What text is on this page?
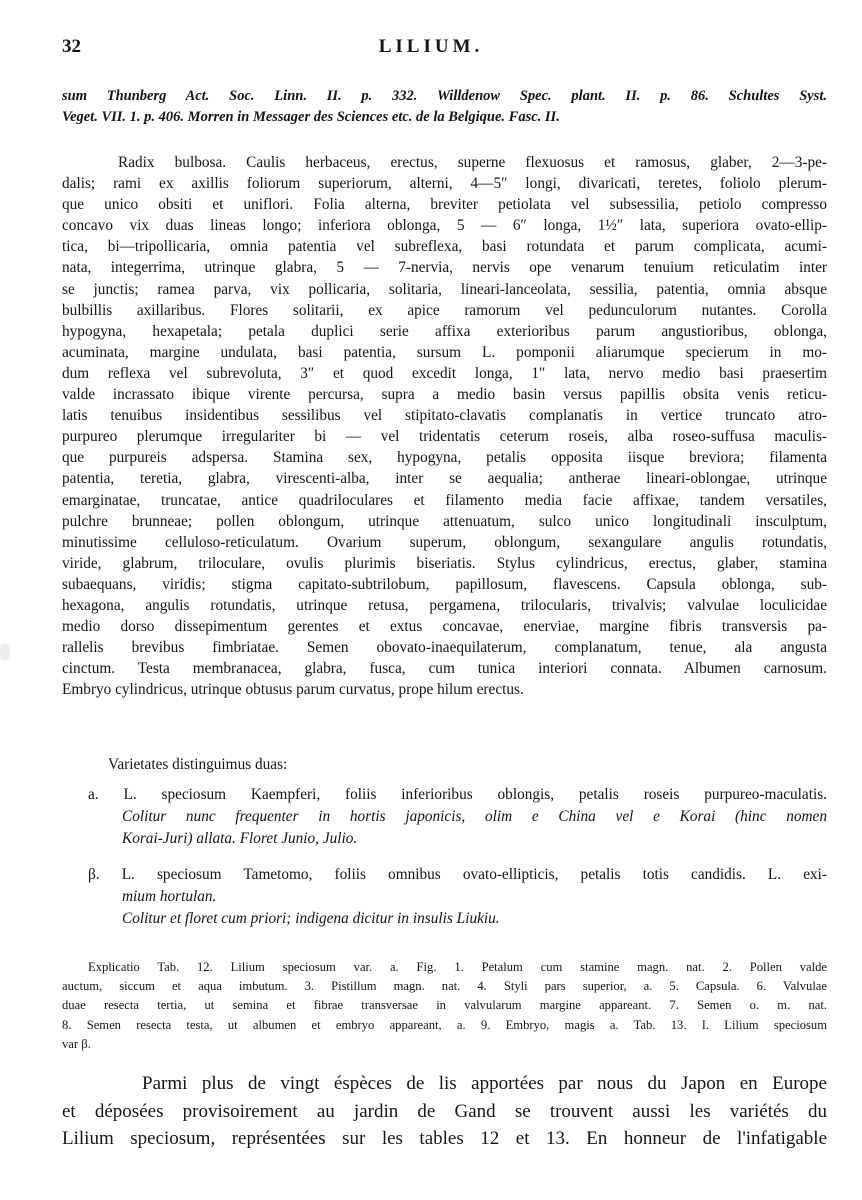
32	LILIUM.
sum Thunberg Act. Soc. Linn. II. p. 332. Willdenow Spec. plant. II. p. 86. Schultes Syst.
Veget. VII. 1. p. 406. Morren in Messager des Sciences etc. de la Belgique. Fasc. II.
Radix bulbosa. Caulis herbaceus, erectus, superne flexuosus et ramosus, glaber, 2—3-pe-
dalis; rami ex axillis foliorum superiorum, alterni, 4—5″ longi, divaricati, teretes, foliolo plerum-
que unico obsiti et uniflori. Folia alterna, breviter petiolata vel subsessilia, petiolo compresso
concavo vix duas lineas longo; inferiora oblonga, 5 — 6″ longa, 1½″ lata, superiora ovato-ellip-
tica, bi—tripollicaria, omnia patentia vel subreflexa, basi rotundata et parum complicata, acumi-
nata, integerrima, utrinque glabra, 5 — 7-nervia, nervis ope venarum tenuium reticulatim inter
se junctis; ramea parva, vix pollicaria, solitaria, lineari-lanceolata, sessilia, patentia, omnia absque
bulbillis axillaribus. Flores solitarii, ex apice ramorum vel pedunculorum nutantes. Corolla
hypogyna, hexapetala; petala duplici serie affixa exterioribus parum angustioribus, oblonga,
acuminata, margine undulata, basi patentia, sursum L. pomponii aliarumque specierum in mo-
dum reflexa vel subrevoluta, 3″ et quod excedit longa, 1″ lata, nervo medio basi praesertim
valde incrassato ibique virente percursa, supra a medio basin versus papillis obsita venis reticu-
latis tenuibus insidentibus sessilibus vel stipitato-clavatis complanatis in vertice truncato atro-
purpureo plerumque irregulariter bi — vel tridentatis ceterum roseis, alba roseo-suffusa maculis-
que purpureis adspersa. Stamina sex, hypogyna, petalis opposita iisque breviora; filamenta
patentia, teretia, glabra, virescenti-alba, inter se aequalia; antherae lineari-oblongae, utrinque
emarginatae, truncatae, antice quadriloculares et filamento media facie affixae, tandem versatiles,
pulchre brunneae; pollen oblongum, utrinque attenuatum, sulco unico longitudinali insculptum,
minutissime celluloso-reticulatum. Ovarium superum, oblongum, sexangulare angulis rotundatis,
viride, glabrum, triloculare, ovulis plurimis biseriatis. Stylus cylindricus, erectus, glaber, stamina
subaequans, viridis; stigma capitato-subtrilobum, papillosum, flavescens. Capsula oblonga, sub-
hexagona, angulis rotundatis, utrinque retusa, pergamena, trilocularis, trivalvis; valvulae loculicidae
medio dorso dissepimentum gerentes et extus concavae, enerviae, margine fibris transversis pa-
rallelis brevibus fimbriatae. Semen obovato-inaequilaterum, complanatum, tenue, ala angusta
cinctum. Testa membranacea, glabra, fusca, cum tunica interiori connata. Albumen carnosum.
Embryo cylindricus, utrinque obtusus parum curvatus, prope hilum erectus.
Varietates distinguimus duas:
a. L. speciosum Kaempferi, foliis inferioribus oblongis, petalis roseis purpureo-maculatis.
Colitur nunc frequenter in hortis japonicis, olim e China vel e Korai (hinc nomen
Korai-Juri) allata. Floret Junio, Julio.
β. L. speciosum Tametomo, foliis omnibus ovato-ellipticis, petalis totis candidis. L. exi-
mium hortulan.
Colitur et floret cum priori; indigena dicitur in insulis Liukiu.
Explicatio Tab. 12. Lilium speciosum var. a. Fig. 1. Petalum cum stamine magn. nat. 2. Pollen valde
auctum, siccum et aqua imbutum. 3. Pistillum magn. nat. 4. Styli pars superior, a. 5. Capsula. 6. Valvulae
duae resecta tertia, ut semina et fibrae transversae in valvularum margine appareant. 7. Semen o. m. nat.
8. Semen resecta testa, ut albumen et embryo appareant, a. 9. Embryo, magis a. Tab. 13. I. Lilium speciosum
var β.
Parmi plus de vingt éspèces de lis apportées par nous du Japon en Europe
et déposées provisoirement au jardin de Gand se trouvent aussi les variétés du
Lilium speciosum, représentées sur les tables 12 et 13. En honneur de l'infatigable
